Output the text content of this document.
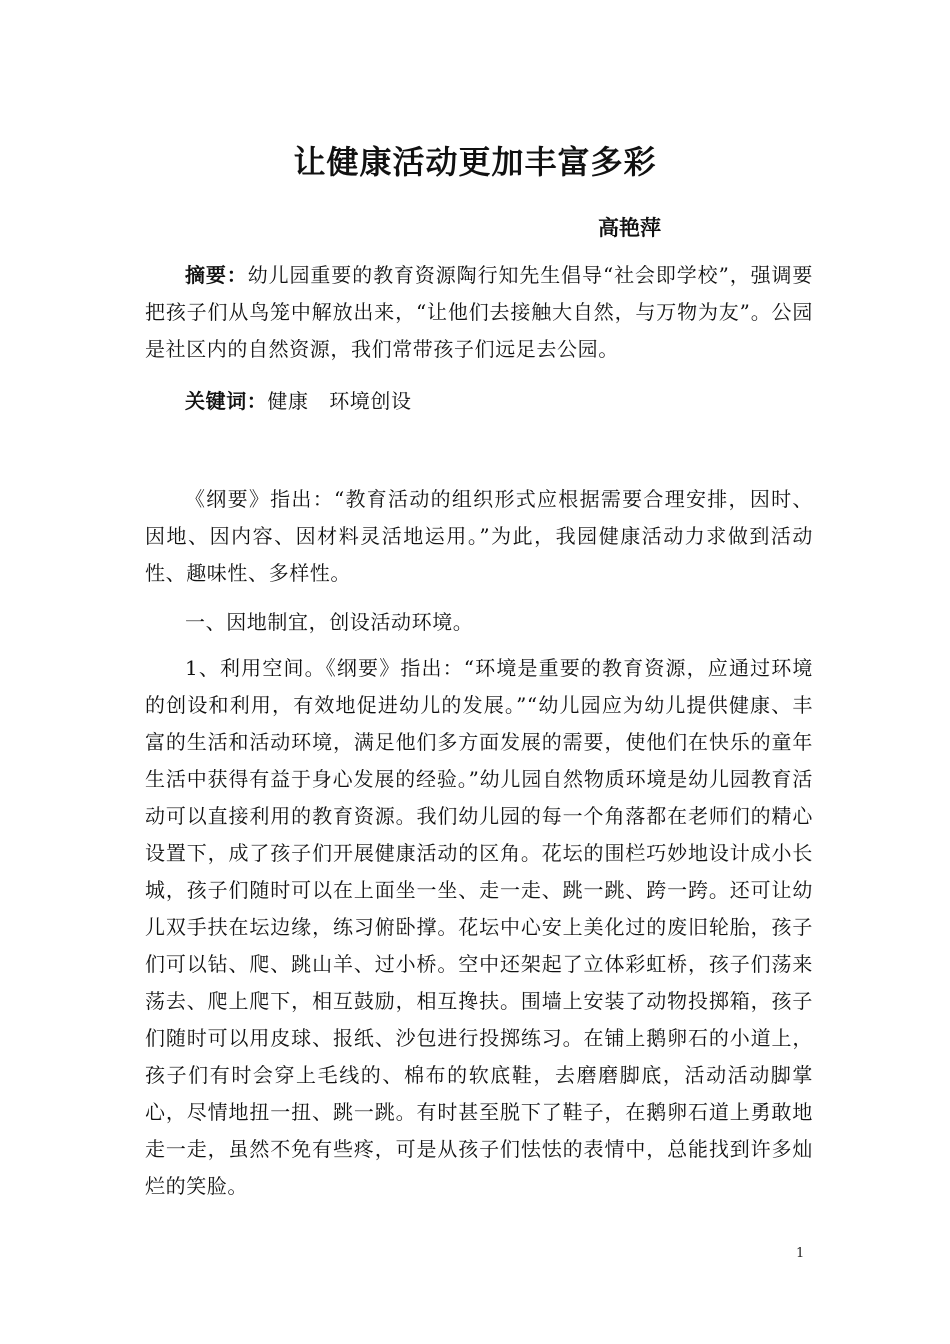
让健康活动更加丰富多彩
高艳萍

摘要：幼儿园重要的教育资源陶行知先生倡导“社会即学校”，强调要把孩子们从鸟笼中解放出来，“让他们去接触大自然，与万物为友”。公园是社区内的自然资源，我们常带孩子们远足去公园。

关键词：健康　环境创设

《纲要》指出：“教育活动的组织形式应根据需要合理安排，因时、因地、因内容、因材料灵活地运用。”为此，我园健康活动力求做到活动性、趣味性、多样性。

一、因地制宜，创设活动环境。

1、利用空间。《纲要》指出：“环境是重要的教育资源，应通过环境的创设和利用，有效地促进幼儿的发展。”“幼儿园应为幼儿提供健康、丰富的生活和活动环境，满足他们多方面发展的需要，使他们在快乐的童年生活中获得有益于身心发展的经验。”幼儿园自然物质环境是幼儿园教育活动可以直接利用的教育资源。我们幼儿园的每一个角落都在老师们的精心设置下，成了孩子们开展健康活动的区角。花坛的围栏巧妙地设计成小长城，孩子们随时可以在上面坐一坐、走一走、跳一跳、跨一跨。还可让幼儿双手扶在坛边缘，练习俯卧撑。花坛中心安上美化过的废旧轮胎，孩子们可以钻、爬、跳山羊、过小桥。空中还架起了立体彩虹桥，孩子们荡来荡去、爬上爬下，相互鼓励，相互搀扶。围墙上安装了动物投掷箱，孩子们随时可以用皮球、报纸、沙包进行投掷练习。在铺上鹅卵石的小道上，孩子们有时会穿上毛线的、棉布的软底鞋，去磨磨脚底，活动活动脚掌心，尽情地扭一扭、跳一跳。有时甚至脱下了鞋子，在鹅卵石道上勇敢地走一走，虽然不免有些疼，可是从孩子们怯怯的表情中，总能找到许多灿烂的笑脸。

1
